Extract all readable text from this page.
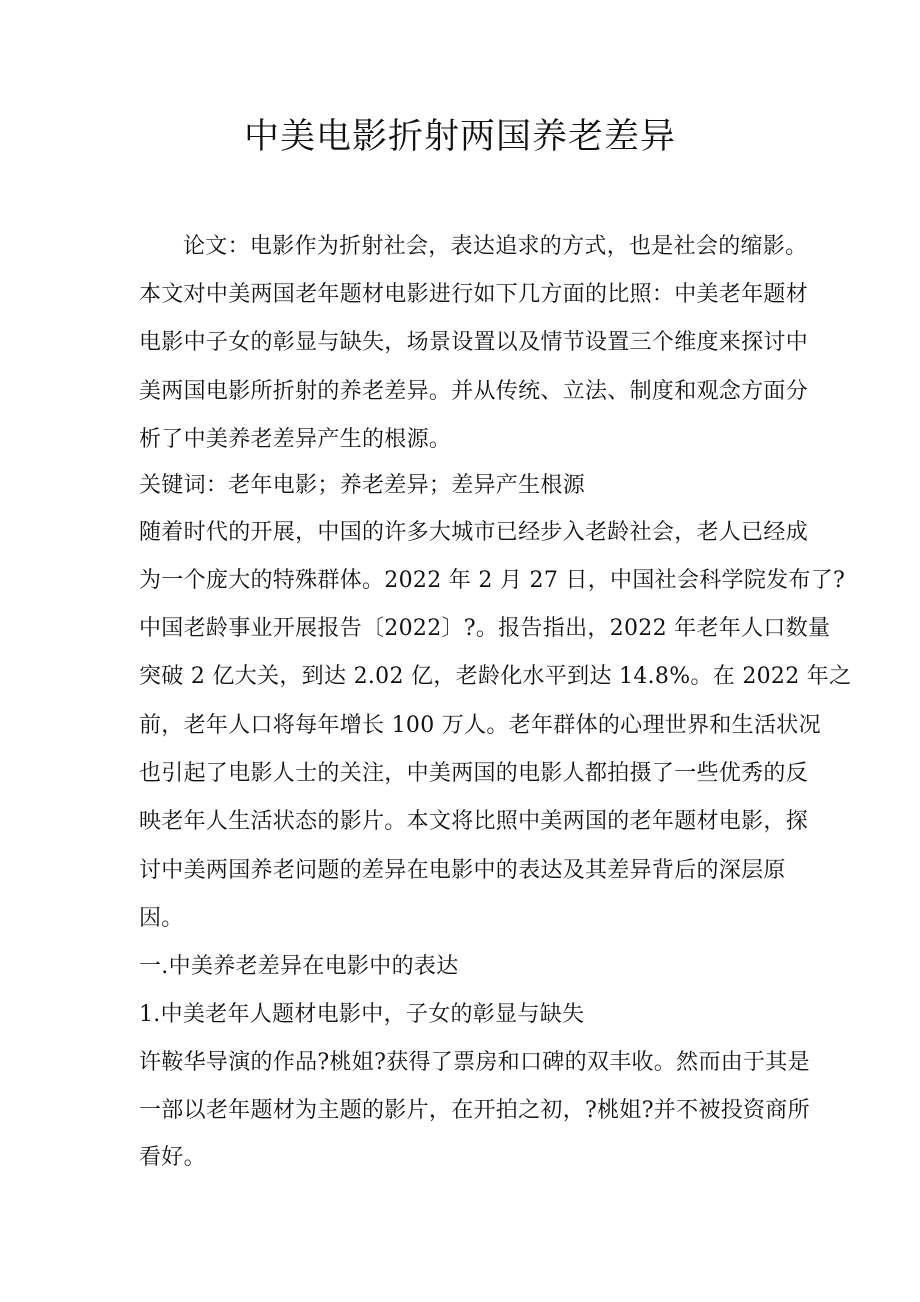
中美电影折射两国养老差异
论文：电影作为折射社会，表达追求的方式，也是社会的缩影。
本文对中美两国老年题材电影进行如下几方面的比照：中美老年题材
电影中子女的彰显与缺失，场景设置以及情节设置三个维度来探讨中
美两国电影所折射的养老差异。并从传统、立法、制度和观念方面分
析了中美养老差异产生的根源。
关键词：老年电影；养老差异；差异产生根源
随着时代的开展，中国的许多大城市已经步入老龄社会，老人已经成
为一个庞大的特殊群体。2022 年 2 月 27 日，中国社会科学院发布了?
中国老龄事业开展报告〔2022〕?。报告指出，2022 年老年人口数量
突破 2 亿大关，到达 2.02 亿，老龄化水平到达 14.8%。在 2022 年之
前，老年人口将每年增长 100 万人。老年群体的心理世界和生活状况
也引起了电影人士的关注，中美两国的电影人都拍摄了一些优秀的反
映老年人生活状态的影片。本文将比照中美两国的老年题材电影，探
讨中美两国养老问题的差异在电影中的表达及其差异背后的深层原
因。
一.中美养老差异在电影中的表达
1.中美老年人题材电影中，子女的彰显与缺失
许鞍华导演的作品?桃姐?获得了票房和口碑的双丰收。然而由于其是
一部以老年题材为主题的影片，在开拍之初，?桃姐?并不被投资商所
看好。
